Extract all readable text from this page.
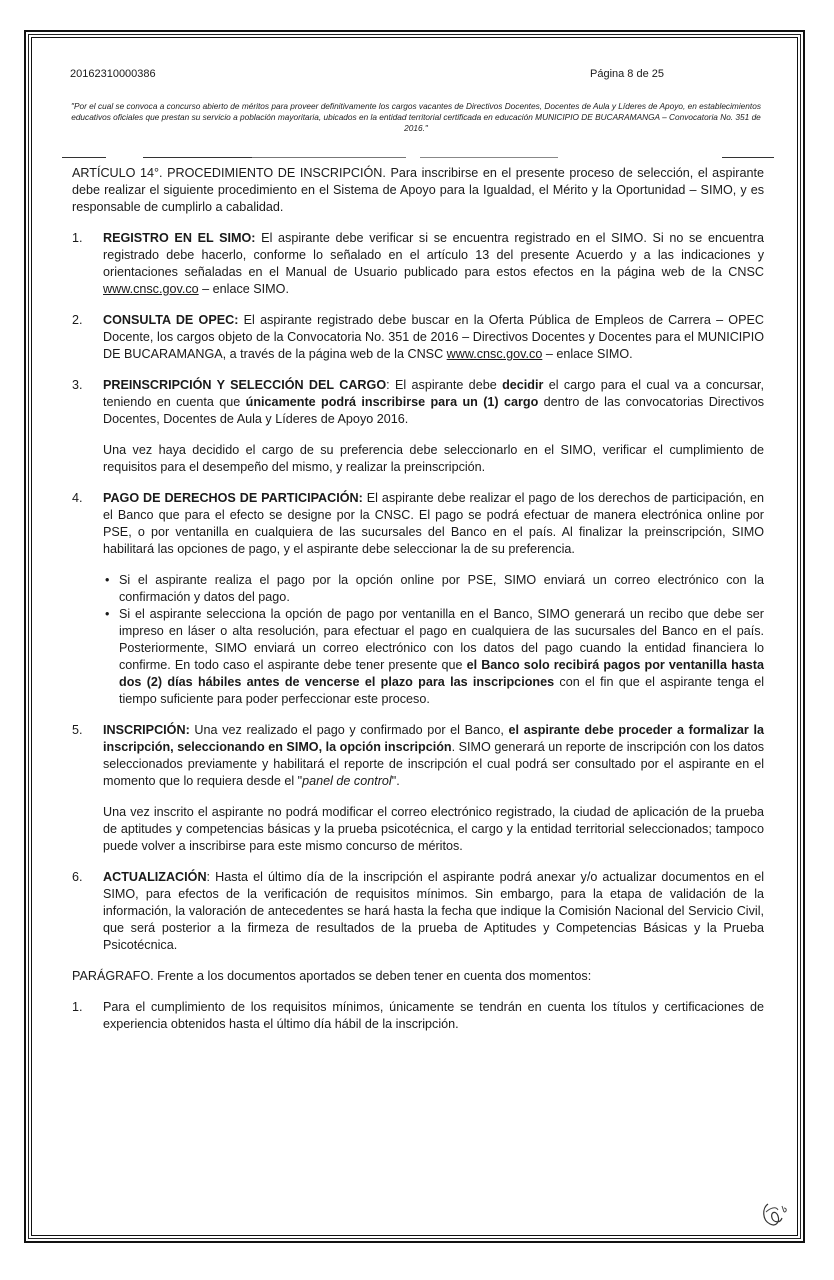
20162310000386	Página 8 de 25
"Por el cual se convoca a concurso abierto de méritos para proveer definitivamente los cargos vacantes de Directivos Docentes, Docentes de Aula y Líderes de Apoyo, en establecimientos educativos oficiales que prestan su servicio a población mayoritaria, ubicados en la entidad territorial certificada en educación MUNICIPIO DE BUCARAMANGA – Convocatoria No. 351 de 2016."

ARTÍCULO 14°. PROCEDIMIENTO DE INSCRIPCIÓN. Para inscribirse en el presente proceso de selección, el aspirante debe realizar el siguiente procedimiento en el Sistema de Apoyo para la Igualdad, el Mérito y la Oportunidad – SIMO, y es responsable de cumplirlo a cabalidad.

1. REGISTRO EN EL SIMO: El aspirante debe verificar si se encuentra registrado en el SIMO. Si no se encuentra registrado debe hacerlo, conforme lo señalado en el artículo 13 del presente Acuerdo y a las indicaciones y orientaciones señaladas en el Manual de Usuario publicado para estos efectos en la página web de la CNSC www.cnsc.gov.co – enlace SIMO.

2. CONSULTA DE OPEC: El aspirante registrado debe buscar en la Oferta Pública de Empleos de Carrera – OPEC Docente, los cargos objeto de la Convocatoria No. 351 de 2016 – Directivos Docentes y Docentes para el MUNICIPIO DE BUCARAMANGA, a través de la página web de la CNSC www.cnsc.gov.co – enlace SIMO.

3. PREINSCRIPCIÓN Y SELECCIÓN DEL CARGO: El aspirante debe decidir el cargo para el cual va a concursar, teniendo en cuenta que únicamente podrá inscribirse para un (1) cargo dentro de las convocatorias Directivos Docentes, Docentes de Aula y Líderes de Apoyo 2016.

Una vez haya decidido el cargo de su preferencia debe seleccionarlo en el SIMO, verificar el cumplimiento de requisitos para el desempeño del mismo, y realizar la preinscripción.

4. PAGO DE DERECHOS DE PARTICIPACIÓN: El aspirante debe realizar el pago de los derechos de participación, en el Banco que para el efecto se designe por la CNSC. El pago se podrá efectuar de manera electrónica online por PSE, o por ventanilla en cualquiera de las sucursales del Banco en el país. Al finalizar la preinscripción, SIMO habilitará las opciones de pago, y el aspirante debe seleccionar la de su preferencia.

• Si el aspirante realiza el pago por la opción online por PSE, SIMO enviará un correo electrónico con la confirmación y datos del pago.
• Si el aspirante selecciona la opción de pago por ventanilla en el Banco, SIMO generará un recibo que debe ser impreso en láser o alta resolución, para efectuar el pago en cualquiera de las sucursales del Banco en el país. Posteriormente, SIMO enviará un correo electrónico con los datos del pago cuando la entidad financiera lo confirme. En todo caso el aspirante debe tener presente que el Banco solo recibirá pagos por ventanilla hasta dos (2) días hábiles antes de vencerse el plazo para las inscripciones con el fin que el aspirante tenga el tiempo suficiente para poder perfeccionar este proceso.
5. INSCRIPCIÓN: Una vez realizado el pago y confirmado por el Banco, el aspirante debe proceder a formalizar la inscripción, seleccionando en SIMO, la opción inscripción. SIMO generará un reporte de inscripción con los datos seleccionados previamente y habilitará el reporte de inscripción el cual podrá ser consultado por el aspirante en el momento que lo requiera desde el "panel de control".

Una vez inscrito el aspirante no podrá modificar el correo electrónico registrado, la ciudad de aplicación de la prueba de aptitudes y competencias básicas y la prueba psicotécnica, el cargo y la entidad territorial seleccionados; tampoco puede volver a inscribirse para este mismo concurso de méritos.

6. ACTUALIZACIÓN: Hasta el último día de la inscripción el aspirante podrá anexar y/o actualizar documentos en el SIMO, para efectos de la verificación de requisitos mínimos. Sin embargo, para la etapa de validación de la información, la valoración de antecedentes se hará hasta la fecha que indique la Comisión Nacional del Servicio Civil, que será posterior a la firmeza de resultados de la prueba de Aptitudes y Competencias Básicas y la Prueba Psicotécnica.

PARÁGRAFO. Frente a los documentos aportados se deben tener en cuenta dos momentos:

1. Para el cumplimiento de los requisitos mínimos, únicamente se tendrán en cuenta los títulos y certificaciones de experiencia obtenidos hasta el último día hábil de la inscripción.
